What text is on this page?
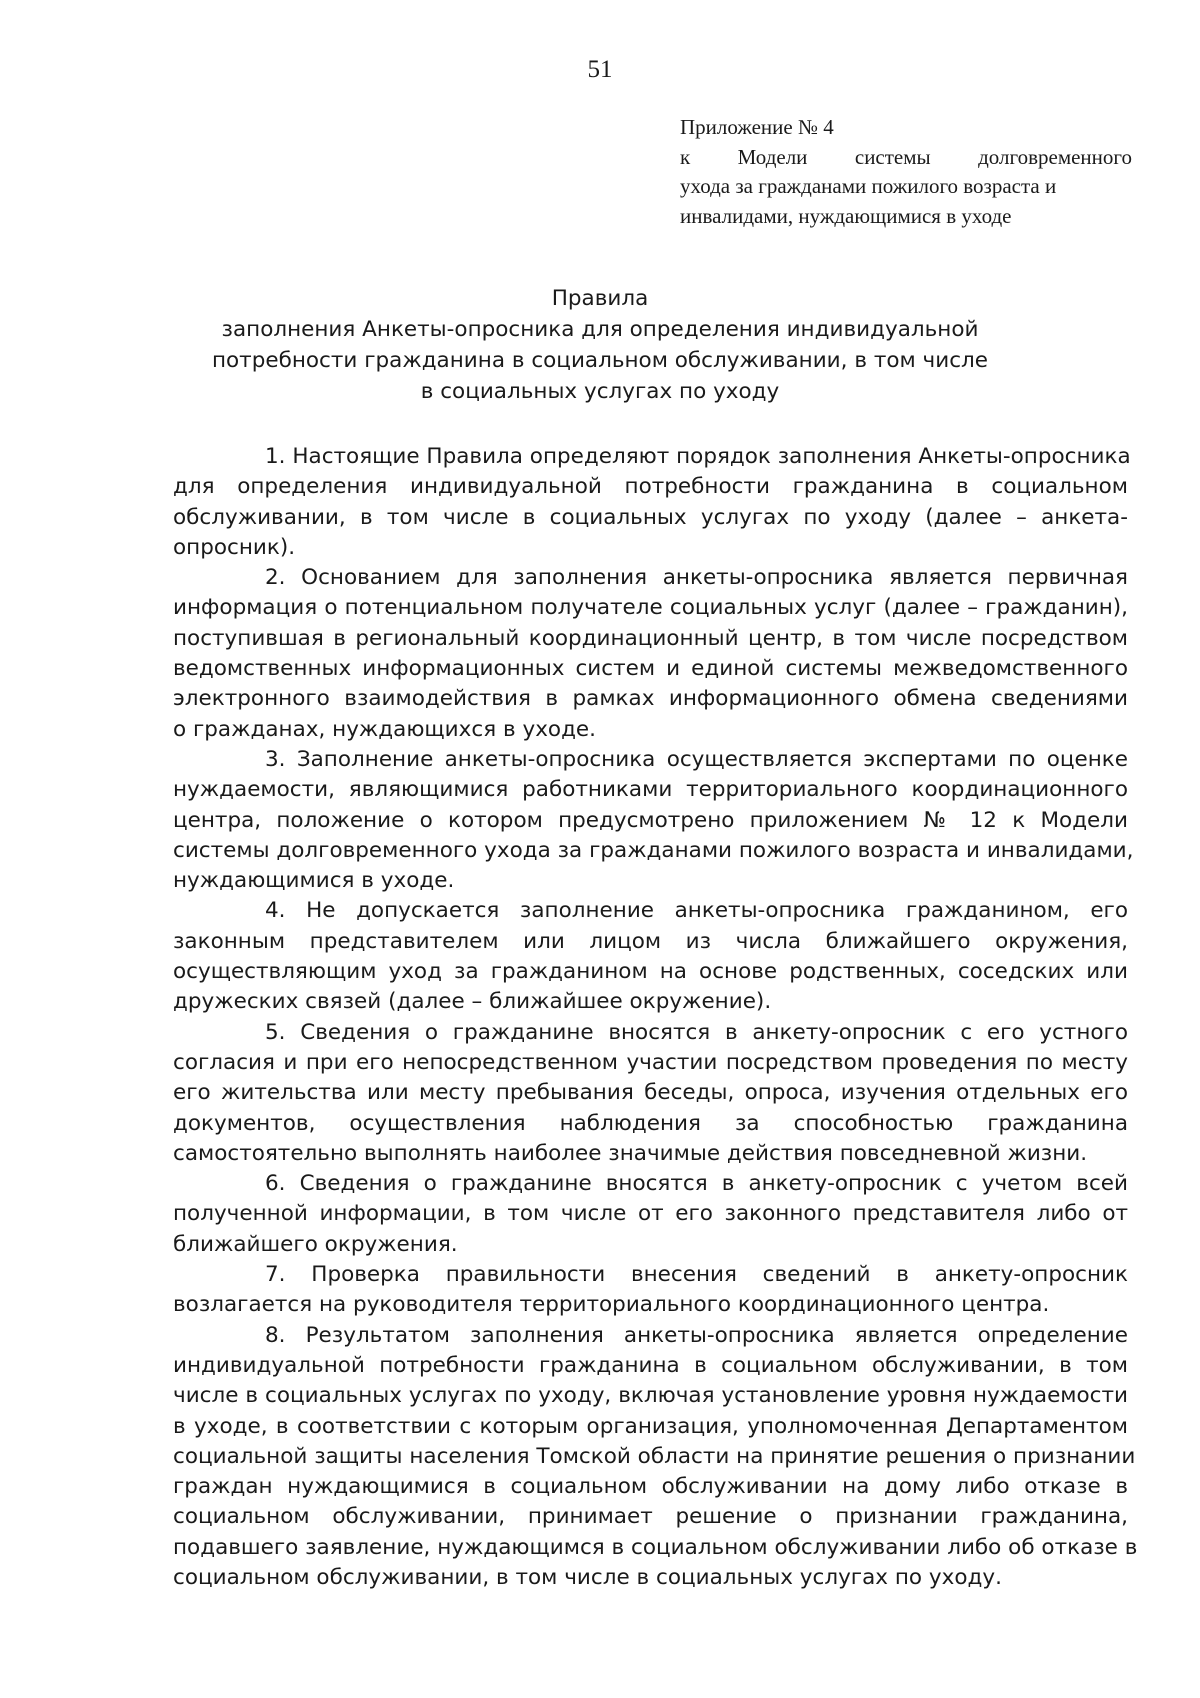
51
Приложение № 4
к Модели системы долговременного
ухода за гражданами пожилого возраста и
инвалидами, нуждающимися в уходе
Правила
заполнения Анкеты-опросника для определения индивидуальной
потребности гражданина в социальном обслуживании, в том числе
в социальных услугах по уходу
1. Настоящие Правила определяют порядок заполнения Анкеты-опросника
для определения индивидуальной потребности гражданина в социальном
обслуживании, в том числе в социальных услугах по уходу (далее – анкета-
опросник).
2. Основанием для заполнения анкеты-опросника является первичная
информация о потенциальном получателе социальных услуг (далее – гражданин),
поступившая в региональный координационный центр, в том числе посредством
ведомственных информационных систем и единой системы межведомственного
электронного взаимодействия в рамках информационного обмена сведениями
о гражданах, нуждающихся в уходе.
3. Заполнение анкеты-опросника осуществляется экспертами по оценке
нуждаемости, являющимися работниками территориального координационного
центра, положение о котором предусмотрено приложением № 12 к Модели
системы долговременного ухода за гражданами пожилого возраста и инвалидами,
нуждающимися в уходе.
4. Не допускается заполнение анкеты-опросника гражданином, его
законным представителем или лицом из числа ближайшего окружения,
осуществляющим уход за гражданином на основе родственных, соседских или
дружеских связей (далее – ближайшее окружение).
5. Сведения о гражданине вносятся в анкету-опросник с его устного
согласия и при его непосредственном участии посредством проведения по месту
его жительства или месту пребывания беседы, опроса, изучения отдельных его
документов, осуществления наблюдения за способностью гражданина
самостоятельно выполнять наиболее значимые действия повседневной жизни.
6. Сведения о гражданине вносятся в анкету-опросник с учетом всей
полученной информации, в том числе от его законного представителя либо от
ближайшего окружения.
7. Проверка правильности внесения сведений в анкету-опросник
возлагается на руководителя территориального координационного центра.
8. Результатом заполнения анкеты-опросника является определение
индивидуальной потребности гражданина в социальном обслуживании, в том
числе в социальных услугах по уходу, включая установление уровня нуждаемости
в уходе, в соответствии с которым организация, уполномоченная Департаментом
социальной защиты населения Томской области на принятие решения о признании
граждан нуждающимися в социальном обслуживании на дому либо отказе в
социальном обслуживании, принимает решение о признании гражданина,
подавшего заявление, нуждающимся в социальном обслуживании либо об отказе в
социальном обслуживании, в том числе в социальных услугах по уходу.
